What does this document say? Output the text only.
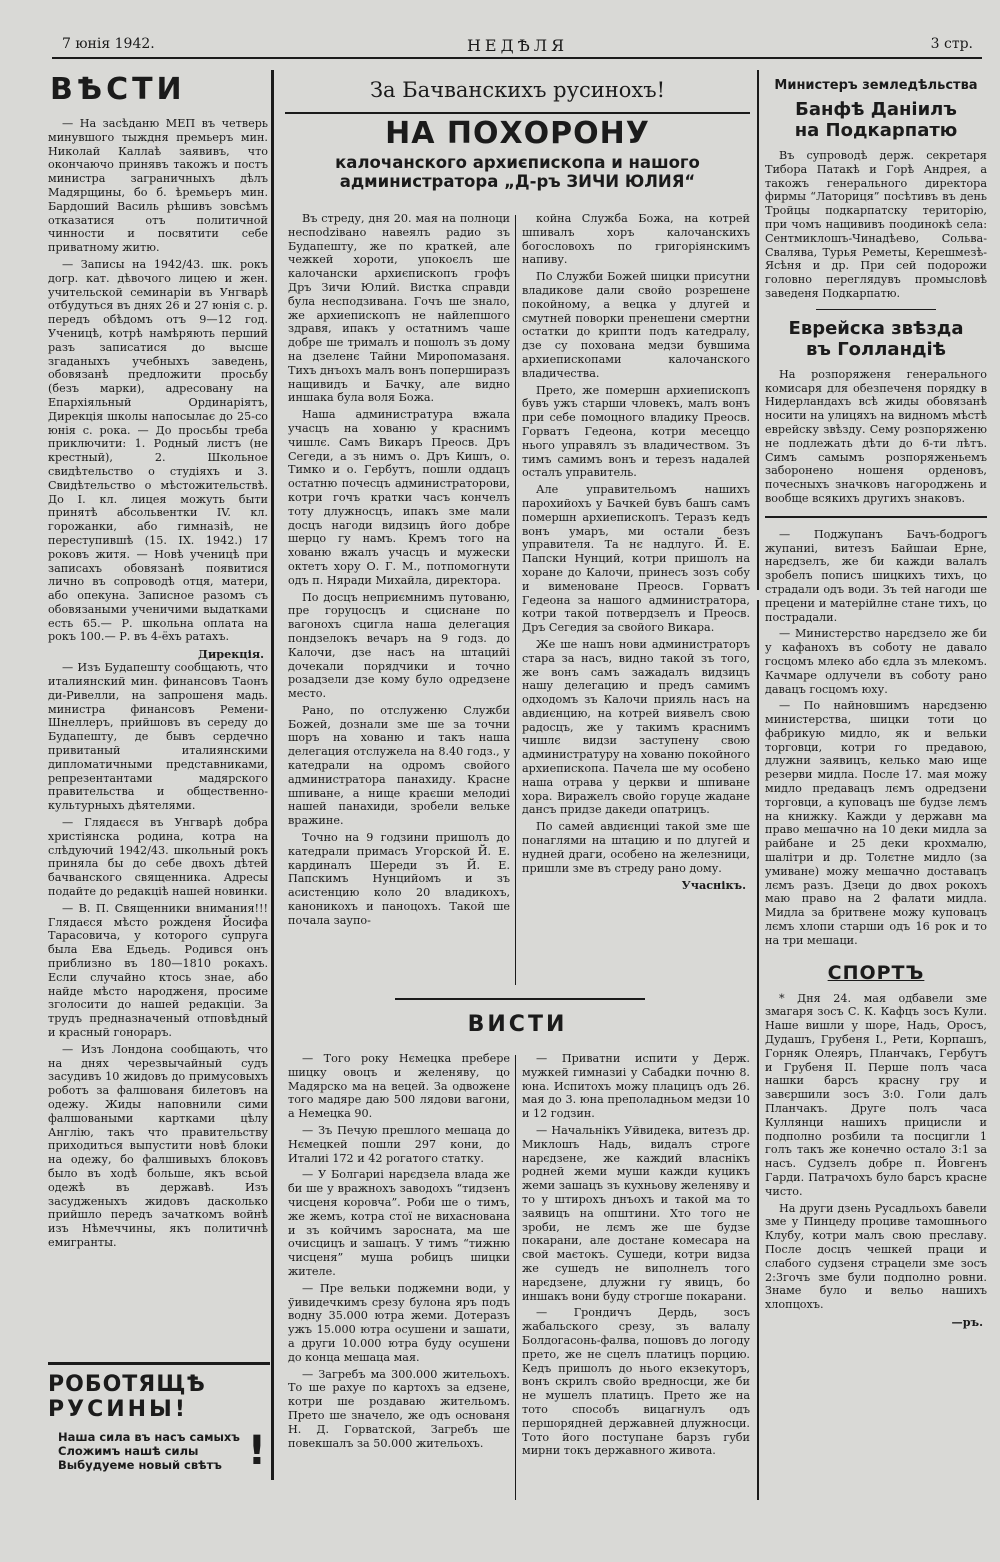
7 юнія 1942.	НЕДѢЛЯ	3 стр.
ВѢСТИ

— На засѣданю МЕП въ четверь минувшого тыждня премьеръ мин. Николай Каллаѣ заявивъ, что окончаючо принявъ такожъ и постъ министра заграничныхъ дѣлъ Мадярщины, бо б. ѣремьеръ мин. Бардоший Василь рѣшивъ зовсѣмъ отказатися отъ политичной чинности и посвятити себе приватному житю.

— Записы на 1942/43. шк. рокъ догр. кат. дѣвочого лицею и жен. учительской семинаріи въ Унгварѣ отбудуться въ днях 26 и 27 юнія с. р. передъ обѣдомъ отъ 9—12 год. Ученицѣ, котрѣ намѣряють перший разъ записатися до высше згаданыхъ учебныхъ заведень, обовязанѣ предложити просьбу (безъ марки), адресовану на Епархіяльный Ординаріятъ, Дирекція школы напосылає до 25-со юнія с. рока. — До просьбы треба приключити: 1. Родный листъ (не крестный), 2. Школьное свидѣтельство о студіяхъ и 3. Свидѣтельство о мѣстожительствѣ. До I. кл. лицея можуть быти принятѣ абсольвентки IV. кл. горожанки, або гимназіѣ, не переступившѣ (15. IX. 1942.) 17 роковъ житя. — Новѣ ученицѣ при записахъ обовязанѣ появитися лично въ сопроводѣ отця, матери, або опекуна. Записное разомъ съ обовязаными ученичими выдатками есть 65.— Р. школьна оплата на рокъ 100.— Р. въ 4-ёхъ ратахъ.

Дирекція.

— Изъ Будапешту сообщають, что италиянский мин. финансовъ Таонъ ди-Ривелли, на запрошеня мадь. министра финансовъ Ремени-Шнеллеръ, прийшовъ въ середу до Будапешту, де бывъ сердечно привитаный италиянскими дипломатичными представниками, репрезентантами мадярского правительства и общественно-культурныхъ дѣятелями.

— Глядаєся въ Унгварѣ добра христіянска родина, котра на слѣдуючий 1942/43. школьный рокъ приняла бы до себе двохъ дѣтей бачванского священника. Адресы подайте до редакціѣ нашей новинки.

— В. П. Священники внимания!!! Глядаєся мѣсто рожденя Йосифа Тарасовича, у которого супруга была Ева Едьедь. Родився онъ приблизно въ 180—1810 рокахъ. Если случайно ктось знае, або найде мѣсто народженя, просиме зголосити до нашей редакціи. За трудъ предназначеный отповѣдный и красный гонораръ.

— Изъ Лондона сообщають, что на днях черезвычайный судъ засудивъ 10 жидовъ до примусовыхъ роботъ за фалшованя билетовъ на одежу. Жиды наповнили сими фалшоваными картками цѣлу Англію, такъ что правительству приходиться выпустити новѣ блоки на одежу, бо фалшивыхъ блоковъ было въ ходѣ больше, якъ всьой одежѣ въ державѣ. Изъ засудженыхъ жидовъ дасколько прийшло передъ зачаткомъ войнѣ изъ Нѣмеччины, якъ политичнѣ емигранты.

РОБОТЯЩѢ
РУСИНЫ!
Наша сила въ насъ самыхъ
Сложимъ нашѣ силы
Выбудуеме новый свѣтъ !
За Бачванскихъ русинохъ!
НА ПОХОРОНУ
калочанского архиєпископа и нашого
администратора „Д-ръ ЗИЧИ ЮЛИЯ“

Въ стреду, дня 20. мая на полноци неспodziвано навеялъ радио зъ Будапешту, же по краткей, але чежкей хороти, упокоєлъ ше калочански архиєпископъ грофъ Дръ Зичи Юлий. Вистка справди була несподзивана. Гочъ ше знало, же архиепископъ не найлепшого здравя, ипакъ у остатнимъ чаше добре ше трималъ и пошолъ зъ дому на дзеленє Тайни Миропомазаня. Тихъ днъохъ малъ вонъ поперширазъ нащивидъ и Бачку, але видно иншака була воля Божа.

Наша администратура вжала учасцъ на хованю у краснимъ чишлє. Самъ Викаръ Преосв. Дръ Сегеди, а зъ нимъ о. Дръ Кишъ, о. Тимко и о. Гербутъ, пошли оддацъ остатню почесцъ администраторови, котри гочъ кратки часъ кончелъ тоту длужносцъ, ипакъ зме мали досцъ нагоди видзицъ його добре шерцо гу намъ. Кремъ того на хованю вжалъ учасцъ и мужески октетъ хору О. Г. М., потпомогнути одъ п. Няради Михайла, директора.

По досцъ неприємнимъ путованю, пре горуцосцъ и сциснане по вагонохъ сцигла наша делегация пондзелокъ вечаръ на 9 годз. до Калочи, дзе насъ на штацийі дочекали порядчики и точно розадзели дзе кому було одредзене место.

Рано, по отслуженю Служби Божей, дознали зме ше за точни шоръ на хованю и такъ наша делегация отслужела на 8.40 годз., у катедрали на одромъ свойого администратора панахиду. Красне шпиване, а нище краєши мелодиі нашей панахиди, зробели вельке вражине.

Точно на 9 годзини пришолъ до катедрали примасъ Угорской Й. Е. кардиналъ Шереди зъ Й. Е. Папскимъ Нунцийомъ и зъ асистенцию коло 20 владикохъ, каноникохъ и паноцохъ. Такой ше почала заупо-

койна Служба Божа, на котрей шпивалъ хоръ калочанскихъ богословохъ по григоріянскимъ напиву.

По Служби Божей шицки присутни владикове дали свойо розрешене покойному, а вецка у длугей и смутней поворки пренешени смертни остатки до крипти подъ катедралу, дзе су похована медзи бувшима архиепископами калочанского владичества.

Прето, же помершн архиепископъ бувъ ужъ старши чловекъ, малъ вонъ при себе помоцного владику Преосв. Горватъ Гедеона, котри месеццо нього управялъ зъ владичеством. Зъ тимъ самимъ вонъ и терезъ надалей осталъ управитель.

Але управительомъ нашихъ парохийохъ у Бачкей бувъ башъ самъ помершн архиепископъ. Теразъ кедъ вонъ умаръ, ми остали безъ управителя. Та нє надлуго. Й. Е. Папски Нунций, котри пришолъ на хоране до Калочи, принесъ зозъ собу и вименоване Преосв. Горватъ Гедеона за нашого администратора, котри такой потвердзелъ и Преосв. Дръ Сегедия за свойого Викара.

Же ше нашъ нови администраторъ стара за насъ, видно такой зъ того, же вонъ самъ зажадалъ видзицъ нашу делегацию и предъ самимъ одходомъ зъ Калочи прияль насъ на авдиєнцию, на котрей виявелъ свою радосцъ, же у такимъ краснимъ чишлє видзи заступену свою администратуру на хованю покойного архиепископа. Пачела ше му особено наша отрава у церкви и шпиване хора. Виражелъ свойо горуце жадане дансъ придзе дакеди опатрицъ.

По самей авдиєнциі такой зме ше понаглями на штацию и по длугей и нудней драги, особено на железници, пришли зме въ стреду рано дому.

Учаснікъ.
ВИСТИ

— Того року Нємецка пребере шицку овоцъ и желеняву, цо Мадярско ма на вецей. За одвожене того мадяре даю 500 лядови вагони, а Немецка 90.

— Зъ Печую прешлого мешаца до Нємецкей пошли 297 кони, до Италиі 172 и 42 рогатого статку.

— У Болгариі нарєдзела влада же би ше у вражнохъ заводохъ “тидзенъ чисценя коровча”. Роби ше о тимъ, же жемъ, котра стої не вихаснована и зъ койчимъ заросната, ма ше очисцицъ и зашацъ. У тимъ “тижню чисценя” муша робицъ шицки жителе.

— Пре вельки поджемни води, у ўивидечкимъ срезу булона яръ подъ водну 35.000 ютра жеми. Дотеразъ ужъ 15.000 ютра осушени и зашати, а други 10.000 ютра буду осушени до конца мешаца мая.

— Загребъ ма 300.000 жительохъ. То ше рахуе по картохъ за едзене, котри ше роздаваю жительомъ. Прето ше значело, же одъ основаня Н. Д. Горватской, Загребъ ше повекшалъ за 50.000 жительохъ.

— Приватни испити у Держ. мужкей гимназиі у Сабадки почню 8. юна. Испитохъ можу плацицъ одъ 26. мая до 3. юна преполадньом медзи 10 и 12 годзин.

— Начальнікъ Уйвидека, витезъ др. Миклошъ Надь, видалъ строге нарєдзене, же каждий власнікъ родней жеми муши кажди куцикъ жеми зашацъ зъ кухньову желеняву и то у штирохъ днъохъ и такой ма то заявицъ на општини. Хто того не зроби, не лємъ же ше будзе покарани, але достане комесара на свой маєтокъ. Сушеди, котри видза же сушедъ не виполнелъ того нарєдзене, длужни гу явицъ, бо иншакъ вони буду строгше покарани.

— Грондичъ Дердь, зосъ жабальского срезу, зъ валалу Болдогасонь-фалва, пошовъ до логоду прето, же не сцелъ платицъ порцию. Кедъ пришолъ до нього екзекуторъ, вонъ скрилъ свойо вредносци, же би не мушелъ платицъ. Прето же на тото способъ вицагнулъ одъ першорядней державней длужносци. Тото його поступане барзъ губи мирни токъ державного живота.

Министеръ земледѣльства
Банфѣ Даніилъ
на Подкарпатю

Въ супроводѣ держ. секретаря Тибора Патакѣ и Горѣ Андрея, а такожъ генерального директора фирмы “Латориця” посѣтивъ въ день Тройцы подкарпатску територію, при чомъ нащививъ поодинокѣ села: Сентмиклошъ-Чинадѣево, Сольва-Свалява, Турья Реметы, Керешмезѣ-Ясѣня и др. При сей подорожи головно переглядувъ промысловѣ заведеня Подкарпатю.

Еврейска звѣзда
въ Голландіѣ

На розпоряженя генерального комисаря для обезпеченя порядку в Нидерландахъ всѣ жиды обовязанѣ носити на улицяхъ на видномъ мѣстѣ еврейску звѣзду. Сему розпоряженю не подлежать дѣти до 6-ти лѣтъ. Симъ самымъ розпоряженьемъ заборонено ношеня орденовъ, почесныхъ значковъ нагороджень и вообще всякихъ другихъ знаковъ.

— Поджупанъ Бачъ-бодрогъ жупаниі, витезъ Байшаи Ерне, нарєдзелъ, же би кажди валалъ зробелъ пописъ шицкихъ тихъ, цо страдали одъ води. Зъ тей нагоди ше прецени и матерійлне стане тихъ, цо пострадали.

— Министерство нарєдзело же би у кафанохъ въ соботу не давало госцомъ млеко або єдла зъ млекомъ. Качмаре одлучели въ соботу рано давацъ госцомъ юху.

— По найновшимъ нарєдзеню министерства, шицки тоти цо фабрикую мидло, як и вельки торговци, котри го предавою, длужни заявицъ, келько маю ище резерви мидла. После 17. мая можу мидло предавацъ лємъ одредзени торговци, а куповацъ ше будзе лємъ на книжку. Кажди у державн ма право мешачно на 10 деки мидла за райбане и 25 деки крохмалю, шалітри и др. Толєтне мидло (за умиване) можу мешачно доставацъ лємъ разъ. Дзеци до двох рокохъ маю право на 2 фалати мидла. Мидла за бритвене можу куповацъ лємъ хлопи старши одъ 16 рок и то на три мешаци.

СПОРТЪ

* Дня 24. мая одбавели зме змагаря зосъ С. К. Кафцъ зосъ Кули. Наше вишли у шоре, Надь, Оросъ, Дудашъ, Грубеня I., Рети, Корпашъ, Горняк Олеяръ, Планчакъ, Гербутъ и Грубеня II. Перше полъ часа нашки барсъ красну гру и завєршили зосъ 3:0. Голи далъ Планчакъ. Друге полъ часа Куллянци нашихъ прицисли и подполно розбили та посцигли 1 голъ такъ же конечно остало 3:1 за насъ. Судзелъ добре п. Йовгенъ Гарди. Патрачохъ було барсъ красне чисто.

На други дзень Русадльохъ бавели зме у Пинцеду проциве тамошнього Клубу, котри малъ свою преславу. После досцъ чешкей праци и слабого судзеня страцели зме зосъ 2:3гочъ зме були подполно ровни. Знаме було и вельо нашихъ хлопцохъ.

—ръ.
